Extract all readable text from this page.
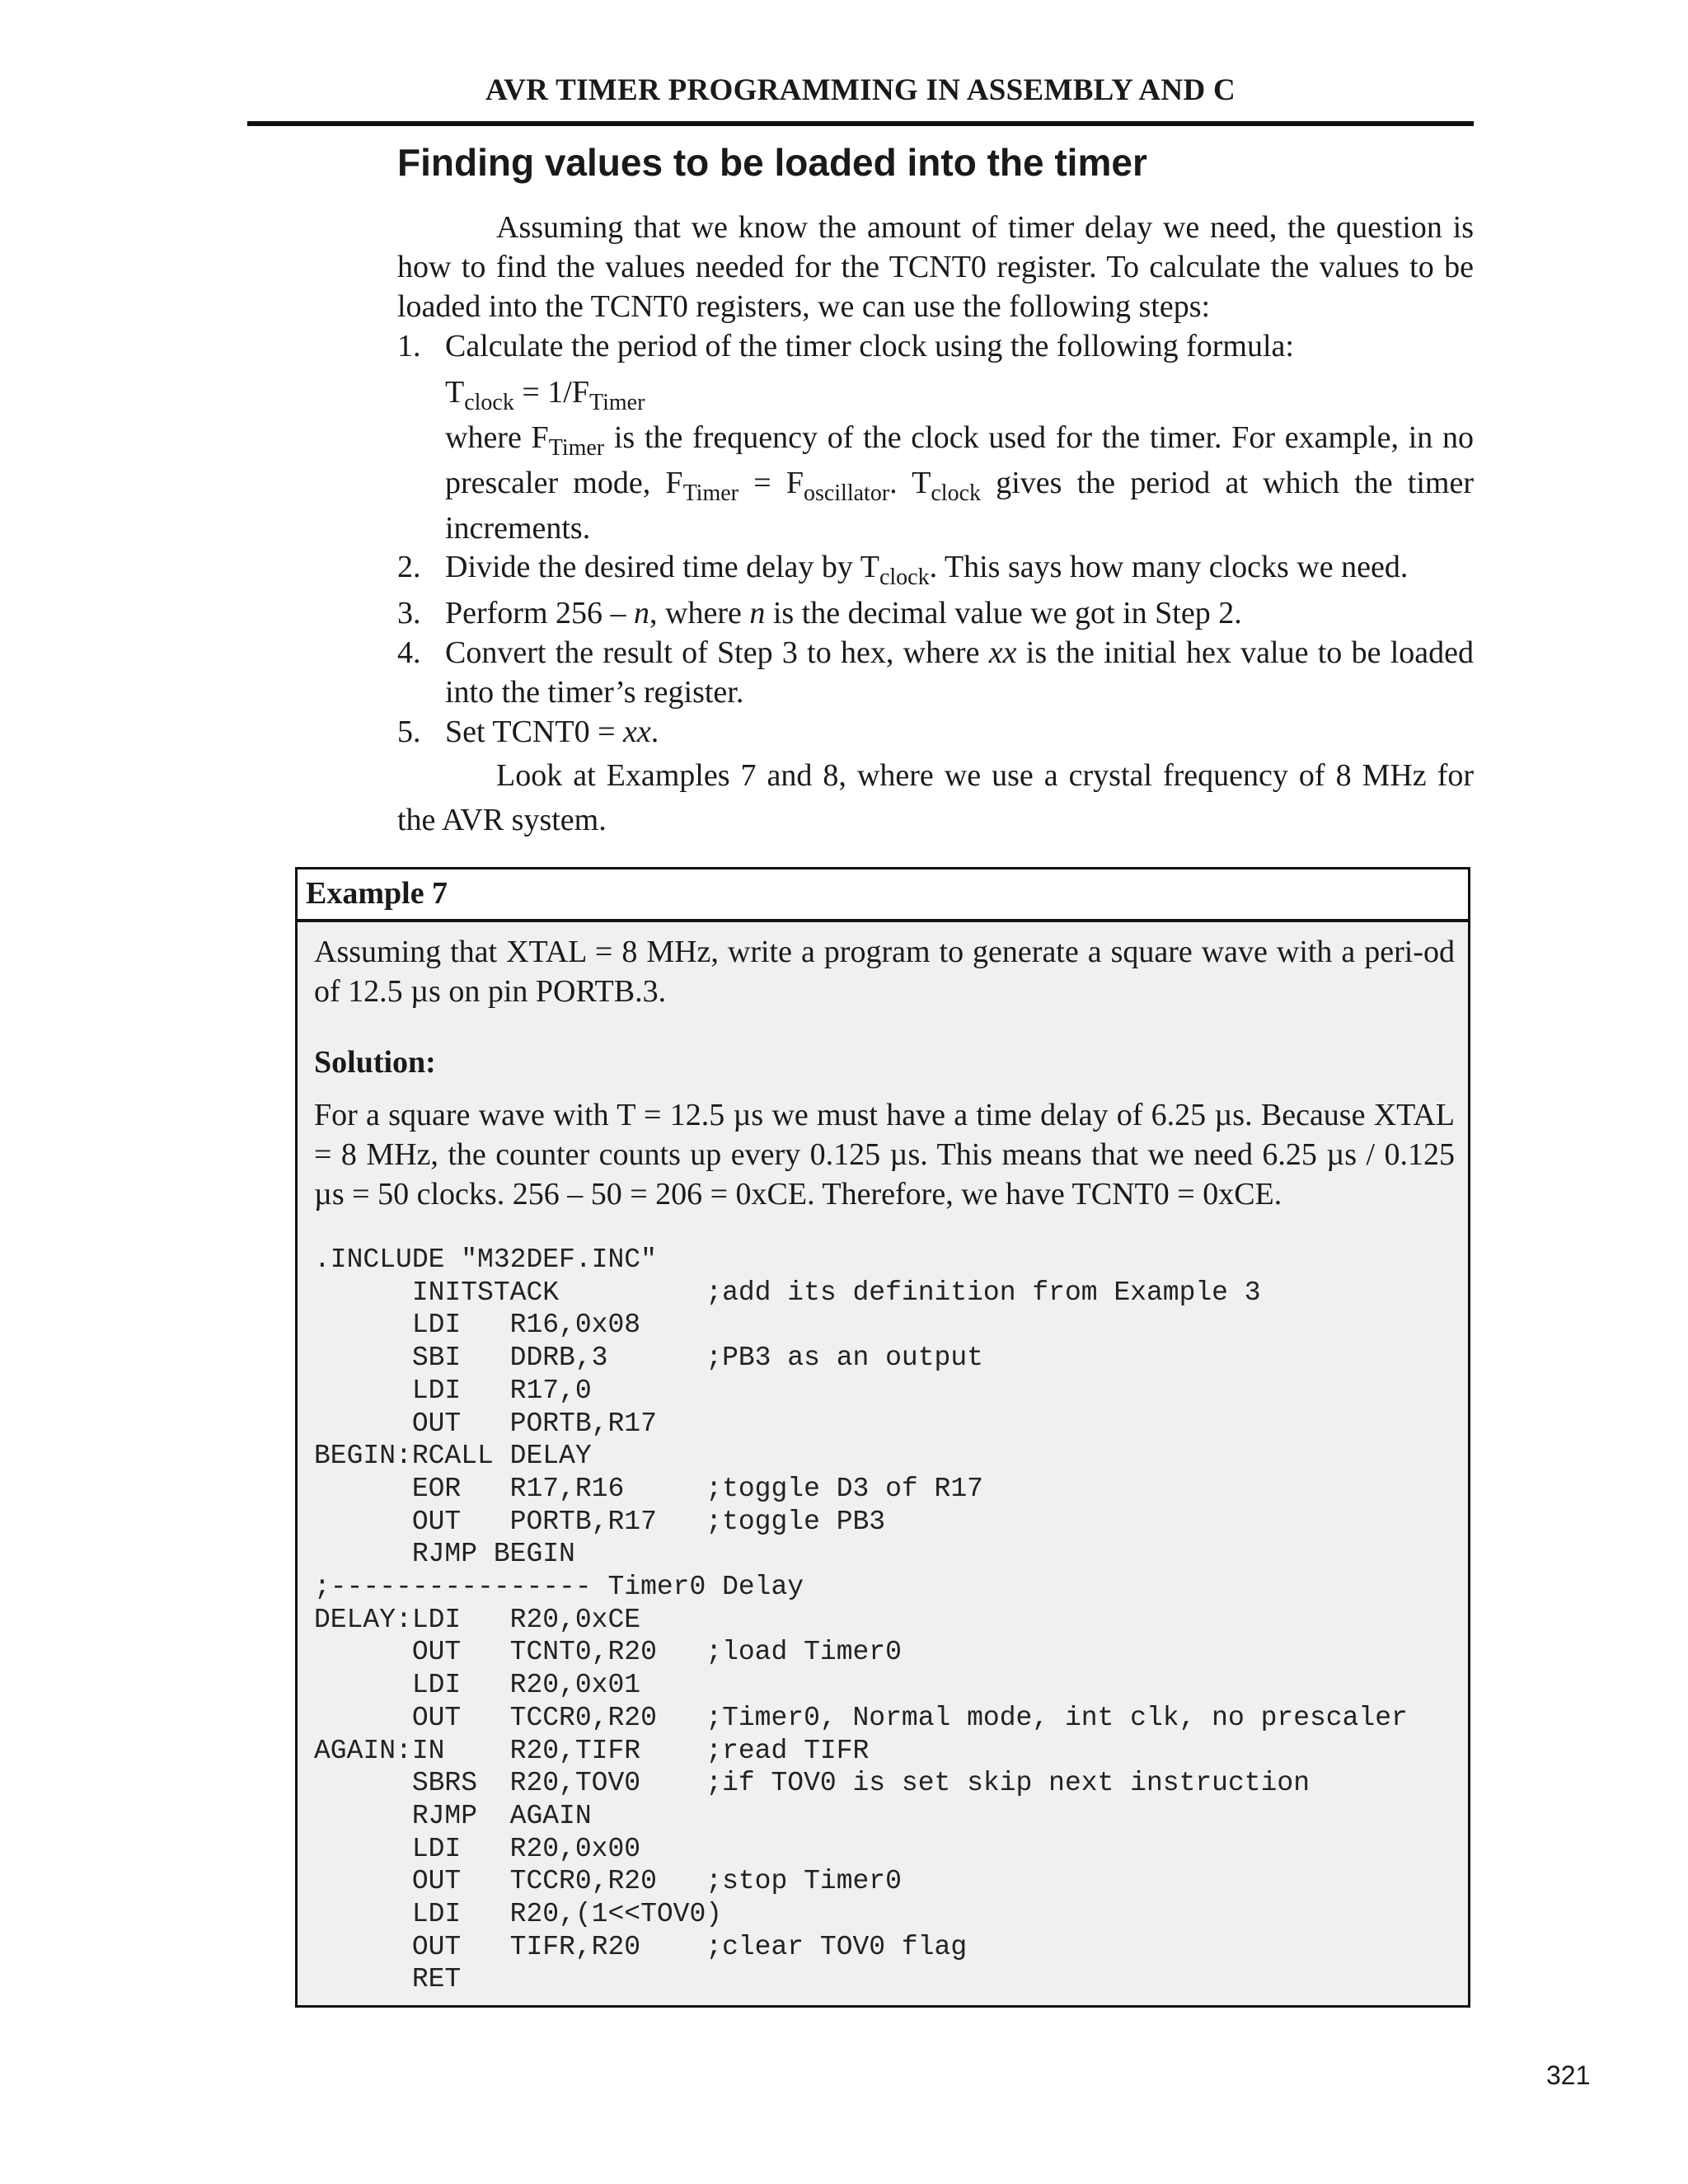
AVR TIMER PROGRAMMING IN ASSEMBLY AND C
Finding values to be loaded into the timer

Assuming that we know the amount of timer delay we need, the question is how to find the values needed for the TCNT0 register. To calculate the values to be loaded into the TCNT0 registers, we can use the following steps:

1. Calculate the period of the timer clock using the following formula:
$T_{clock} = 1/F_{Timer}$
where $F_{Timer}$ is the frequency of the clock used for the timer. For example, in no prescaler mode, $F_{Timer} = F_{oscillator}$. $T_{clock}$ gives the period at which the timer increments.
2. Divide the desired time delay by $T_{clock}$. This says how many clocks we need.
3. Perform 256 – n, where n is the decimal value we got in Step 2.
4. Convert the result of Step 3 to hex, where xx is the initial hex value to be loaded into the timer’s register.
5. Set TCNT0 = xx.

Look at Examples 7 and 8, where we use a crystal frequency of 8 MHz for the AVR system.

Example 7

Assuming that XTAL = 8 MHz, write a program to generate a square wave with a peri-od of 12.5 µs on pin PORTB.3.

Solution:

For a square wave with T = 12.5 µs we must have a time delay of 6.25 µs. Because XTAL = 8 MHz, the counter counts up every 0.125 µs. This means that we need 6.25 µs / 0.125 µs = 50 clocks. 256 – 50 = 206 = 0xCE. Therefore, we have TCNT0 = 0xCE.

.INCLUDE "M32DEF.INC"
INITSTACK         ;add its definition from Example 3
LDI   R16,0x08
SBI   DDRB,3      ;PB3 as an output
LDI   R17,0
OUT   PORTB,R17
BEGIN:RCALL DELAY
EOR   R17,R16     ;toggle D3 of R17
OUT   PORTB,R17   ;toggle PB3
RJMP BEGIN
;---------------- Timer0 Delay
DELAY:LDI   R20,0xCE
OUT   TCNT0,R20   ;load Timer0
LDI   R20,0x01
OUT   TCCR0,R20   ;Timer0, Normal mode, int clk, no prescaler
AGAIN:IN    R20,TIFR    ;read TIFR
SBRS  R20,TOV0    ;if TOV0 is set skip next instruction
RJMP  AGAIN
LDI   R20,0x00
OUT   TCCR0,R20   ;stop Timer0
LDI   R20,(1<<TOV0)
OUT   TIFR,R20    ;clear TOV0 flag
RET
321
